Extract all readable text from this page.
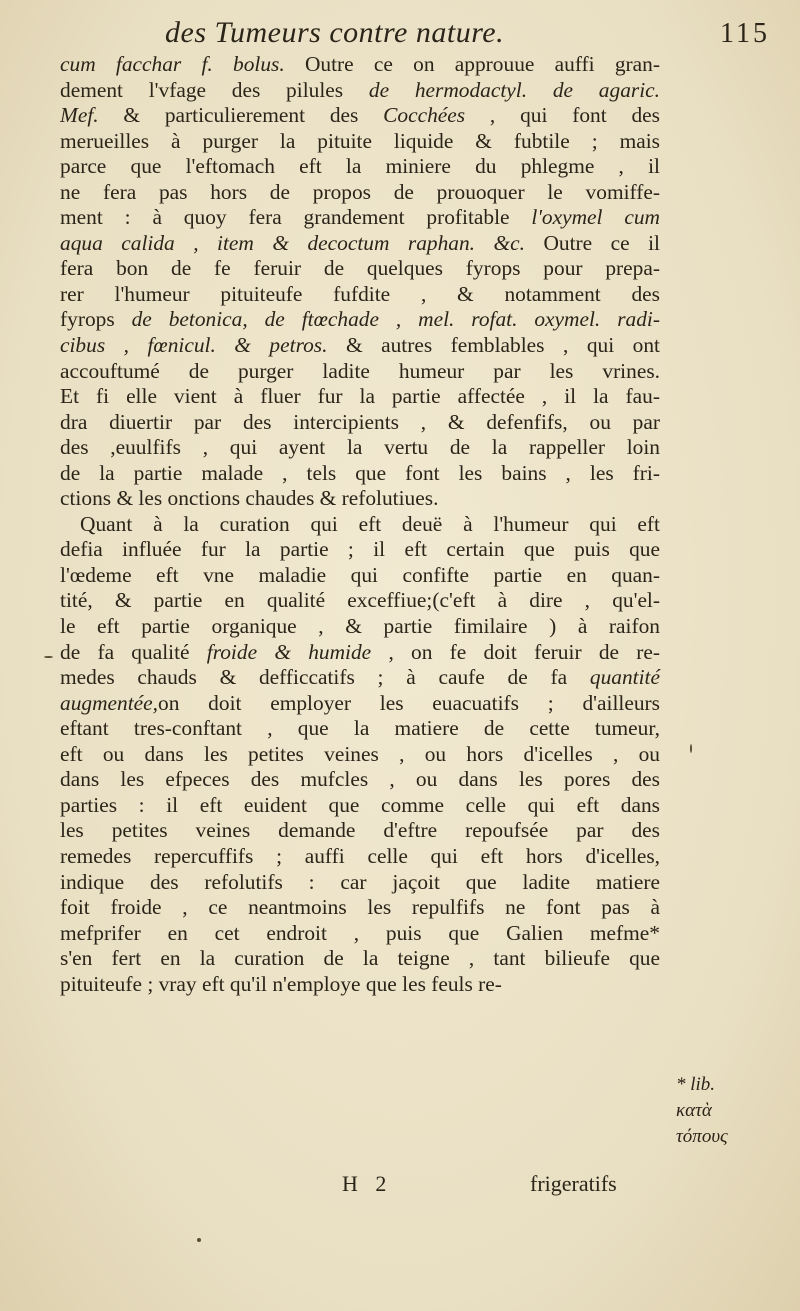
des Tumeurs contre nature.	115
cum facchar f. bolus. Outre ce on approuue auffi gran-
dement l'vfage des pilules de hermodactyl. de agaric.
Mef. & particulierement des Cocchées , qui font des
merueilles à purger la pituite liquide & fubtile ; mais
parce que l'eftomach eft la miniere du phlegme , il
ne fera pas hors de propos de prouoquer le vomiffe-
ment : à quoy fera grandement profitable l'oxymel cum
aqua calida , item & decoctum raphan. &c. Outre ce il
fera bon de fe feruir de quelques fyrops pour prepa-
rer l'humeur pituiteufe fufdite , & notamment des
fyrops de betonica, de ftœchade , mel. rofat. oxymel. radi-
cibus , fœnicul. & petros. & autres femblables , qui ont
accouftumé de purger ladite humeur par les vrines.
Et fi elle vient à fluer fur la partie affectée , il la fau-
dra diuertir par des intercipients , & defenfifs, ou par
des ,euulfifs , qui ayent la vertu de la rappeller loin
de la partie malade , tels que font les bains , les fri-
ctions & les onctions chaudes & refolutiues.
Quant à la curation qui eft deuë à l'humeur qui eft
defia influée fur la partie ; il eft certain que puis que
l'œdeme eft vne maladie qui confifte partie en quan-
tité, & partie en qualité exceffiue;(c'eft à dire , qu'el-
le eft partie organique , & partie fimilaire ) à raifon
de fa qualité froide & humide , on fe doit feruir de re-
medes chauds & defficcatifs ; à caufe de fa quantité
augmentée,on doit employer les euacuatifs ; d'ailleurs
eftant tres-conftant , que la matiere de cette tumeur,
eft ou dans les petites veines , ou hors d'icelles , ou
dans les efpeces des mufcles , ou dans les pores des
parties : il eft euident que comme celle qui eft dans
les petites veines demande d'eftre repoufsée par des
remedes repercuffifs ; auffi celle qui eft hors d'icelles,
indique des refolutifs : car jaçoit que ladite matiere
foit froide , ce neantmoins les repulfifs ne font pas à
mefprifer en cet endroit , puis que Galien mefme*
s'en fert en la curation de la teigne , tant bilieufe que
pituiteufe ; vray eft qu'il n'employe que les feuls re-
* lib.
κατὰ
τόπους
H 2	frigeratifs
